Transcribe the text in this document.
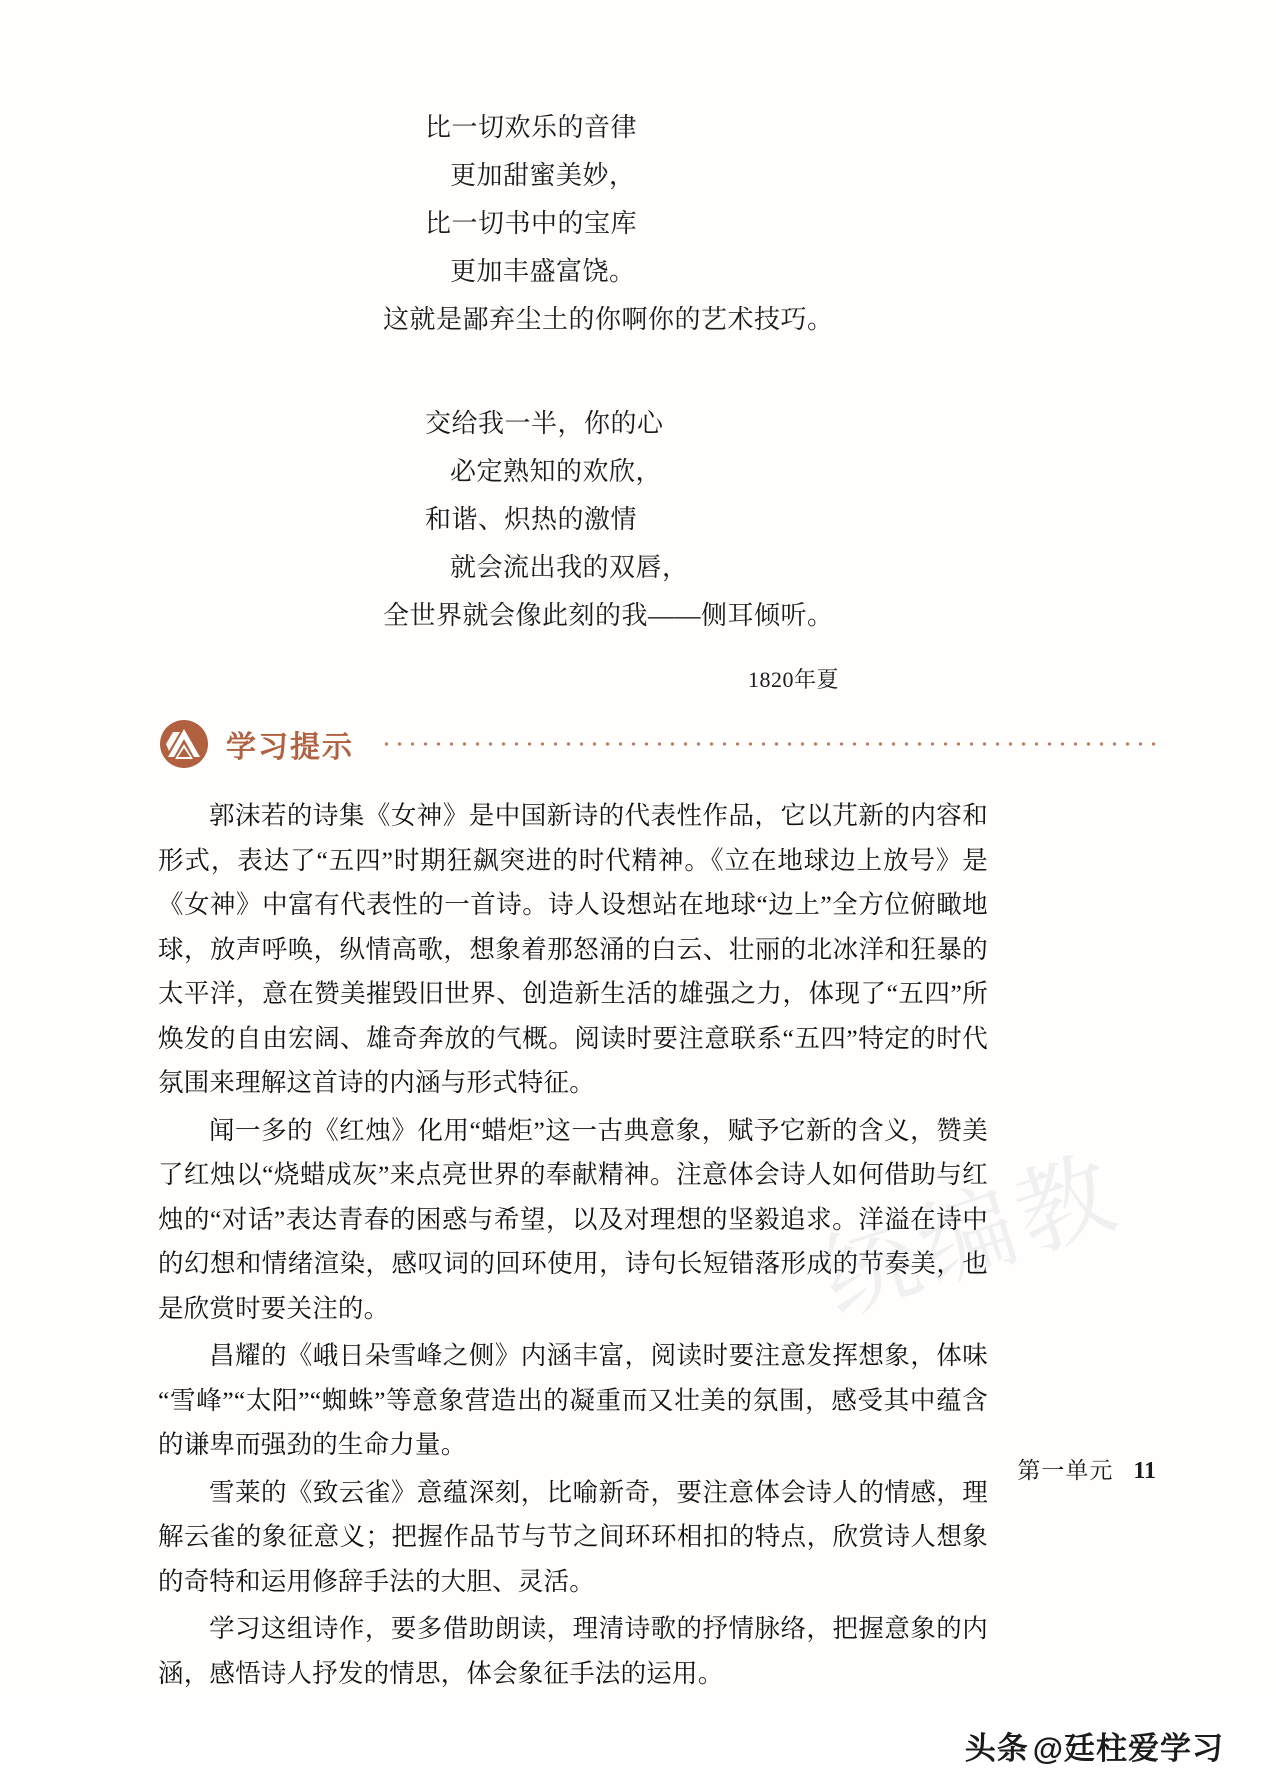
统编教
比一切欢乐的音律
更加甜蜜美妙，
比一切书中的宝库
更加丰盛富饶。
这就是鄙弃尘土的你啊你的艺术技巧。
交给我一半，你的心
必定熟知的欢欣，
和谐、炽热的激情
就会流出我的双唇，
全世界就会像此刻的我——侧耳倾听。
1820年夏
学习提示

郭沫若的诗集《女神》是中国新诗的代表性作品，它以芁新的内容和形式，表达了“五四”时期狂飙突进的时代精神。《立在地球边上放号》是《女神》中富有代表性的一首诗。诗人设想站在地球“边上”全方位俯瞰地球，放声呼唤，纵情高歌，想象着那怒涌的白云、壮丽的北冰洋和狂暴的太平洋，意在赞美摧毁旧世界、创造新生活的雄强之力，体现了“五四”所焕发的自由宏阔、雄奇奔放的气概。阅读时要注意联系“五四”特定的时代氛围来理解这首诗的内涵与形式特征。

闻一多的《红烛》化用“蜡炬”这一古典意象，赋予它新的含义，赞美了红烛以“烧蜡成灰”来点亮世界的奉献精神。注意体会诗人如何借助与红烛的“对话”表达青春的困惑与希望，以及对理想的坚毅追求。洋溢在诗中的幻想和情绪渲染，感叹词的回环使用，诗句长短错落形成的节奏美，也是欣赏时要关注的。

昌耀的《峨日朵雪峰之侧》内涵丰富，阅读时要注意发挥想象，体味“雪峰”“太阳”“蜘蛛”等意象营造出的凝重而又壮美的氛围，感受其中蕴含的谦卑而强劲的生命力量。

雪莱的《致云雀》意蕴深刻，比喻新奇，要注意体会诗人的情感，理解云雀的象征意义；把握作品节与节之间环环相扣的特点，欣赏诗人想象的奇特和运用修辞手法的大胆、灵活。

学习这组诗作，要多借助朗读，理清诗歌的抒情脉络，把握意象的内涵，感悟诗人抒发的情思，体会象征手法的运用。

第一单元 11
头条 @廷柱爱学习
